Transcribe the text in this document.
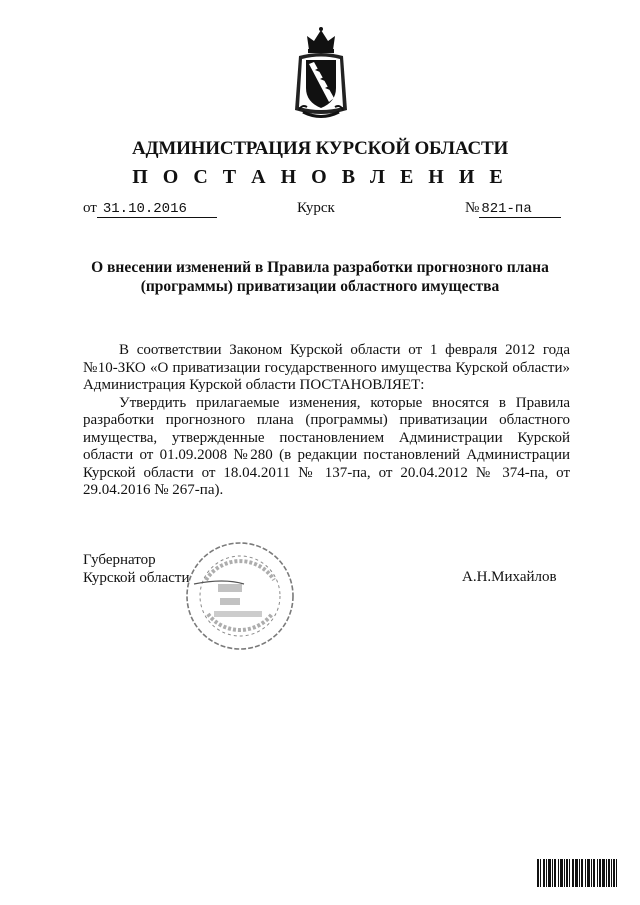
АДМИНИСТРАЦИЯ КУРСКОЙ ОБЛАСТИ
П О С Т А Н О В Л Е Н И Е
от 31.10.2016	Курск	№ 821-па
О внесении изменений в Правила разработки прогнозного плана
(программы) приватизации областного имущества

В соответствии Законом Курской области от 1 февраля 2012 года №10-ЗКО «О приватизации государственного имущества Курской области» Администрация Курской области ПОСТАНОВЛЯЕТ:

Утвердить прилагаемые изменения, которые вносятся в Правила разработки прогнозного плана (программы) приватизации областного имущества, утвержденные постановлением Администрации Курской области от 01.09.2008 №280 (в редакции постановлений Администрации Курской области от 18.04.2011 № 137-па, от 20.04.2012 № 374-па, от 29.04.2016 № 267-па).

Губернатор
Курской области	А.Н.Михайлов
